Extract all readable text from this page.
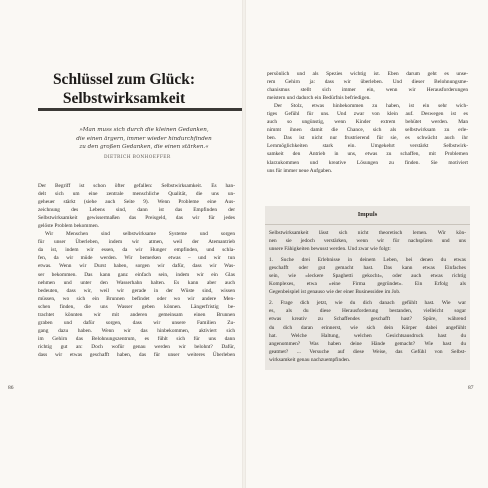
Schlüssel zum Glück:
Selbstwirksamkeit
»Man muss sich durch die kleinen Gedanken,
die einen ärgern, immer wieder hindurchfinden
zu den großen Gedanken, die einen stärken.«
DIETRICH BONHOEFFER
Der Begriff ist schon öfter gefallen: Selbstwirksamkeit. Es han-
delt sich um eine zentrale menschliche Qualität, die uns un-
geheuer stärkt (siehe auch Seite 9). Wenn Probleme eine Aus-
zeichnung des Lebens sind, dann ist das Empfinden der
Selbstwirksamkeit gewissermaßen das Preisgeld, das wir für jedes
gelöste Problem bekommen.
Wir Menschen sind selbstwirksame Systeme und sorgen
für unser Überleben, indem wir atmen, weil der Atemantrieb
da ist, indem wir essen, da wir Hunger empfinden, und schla-
fen, da wir müde werden. Wir bemerken etwas – und wir tun
etwas. Wenn wir Durst haben, sorgen wir dafür, dass wir Was-
ser bekommen. Das kann ganz einfach sein, indem wir ein Glas
nehmen und unter den Wasserhahn halten. Es kann aber auch
bedeuten, dass wir, weil wir gerade in der Wüste sind, wissen
müssen, wo sich ein Brunnen befindet oder wo wir andere Men-
schen finden, die uns Wasser geben können. Längerfristig be-
trachtet könnten wir mit anderen gemeinsam einen Brunnen
graben und dafür sorgen, dass wir unsere Familien Zu-
gang dazu haben. Wenn wir das hinbekommen, aktiviert sich
im Gehirn das Belohnungszentrum, es fühlt sich für uns dann
richtig gut an: Doch wofür genau werden wir belohnt? Dafür,
dass wir etwas geschafft haben, das für unser weiteres Überleben
86
persönlich und als Spezies wichtig ist. Eben darum geht es unse-
rem Gehirn ja: dass wir überleben. Und dieser Belohnungsme-
chanismus stellt sich immer ein, wenn wir Herausforderungen
meistern und dadurch ein Bedürfnis befriedigen.
Der Stolz, etwas hinbekommen zu haben, ist ein sehr wich-
tiges Gefühl für uns. Und zwar von klein auf. Deswegen ist es
auch so ungünstig, wenn Kinder extrem behütet werden. Man
nimmt ihnen damit die Chance, sich als selbstwirksam zu erle-
ben. Das ist nicht nur frustrierend für sie, es schwächt auch ihr
Lernmöglichkeiten stark ein. Umgekehrt verstärkt Selbstwirk-
samkeit den Antrieb in uns, etwas zu schaffen, mit Problemen
klarzukommen und kreative Lösungen zu finden. Sie motiviert
uns für immer neue Aufgaben.
Impuls
Selbstwirksamkeit lässt sich nicht theoretisch lernen. Wir kön-
nen sie jedoch verstärken, wenn wir für nachspüren und uns
unsere Fähigkeiten bewusst werden. Und zwar wie folgt:
1. Suche drei Erlebnisse in deinem Leben, bei denen du etwas
geschafft oder gut gemacht hast. Das kann etwas Einfaches
sein, wie »leckere Spaghetti gekocht«, oder auch etwas richtig
Komplexes, etwa »eine Firma gegründet«. Ein Erfolg als
Gegenbeispiel ist genauso wie der einer Businessidee im Job.
2. Frage dich jetzt, wie du dich danach gefühlt hast. Wie war
es, als du diese Herausforderung bestanden, vielleicht sogar
etwas kreativ zu Schaffendes geschafft hast? Spüre, während
du dich daran erinnerst, wie sich dein Körper dabei angefühlt
hat. Welche Haltung, welchen Gesichtsausdruck hast du
angenommen? Was haben deine Hände gemacht? Wie hast du
geatmet? ... Versuche auf diese Weise, das Gefühl von Selbst-
wirksamkeit genau nachzuempfinden.
87
